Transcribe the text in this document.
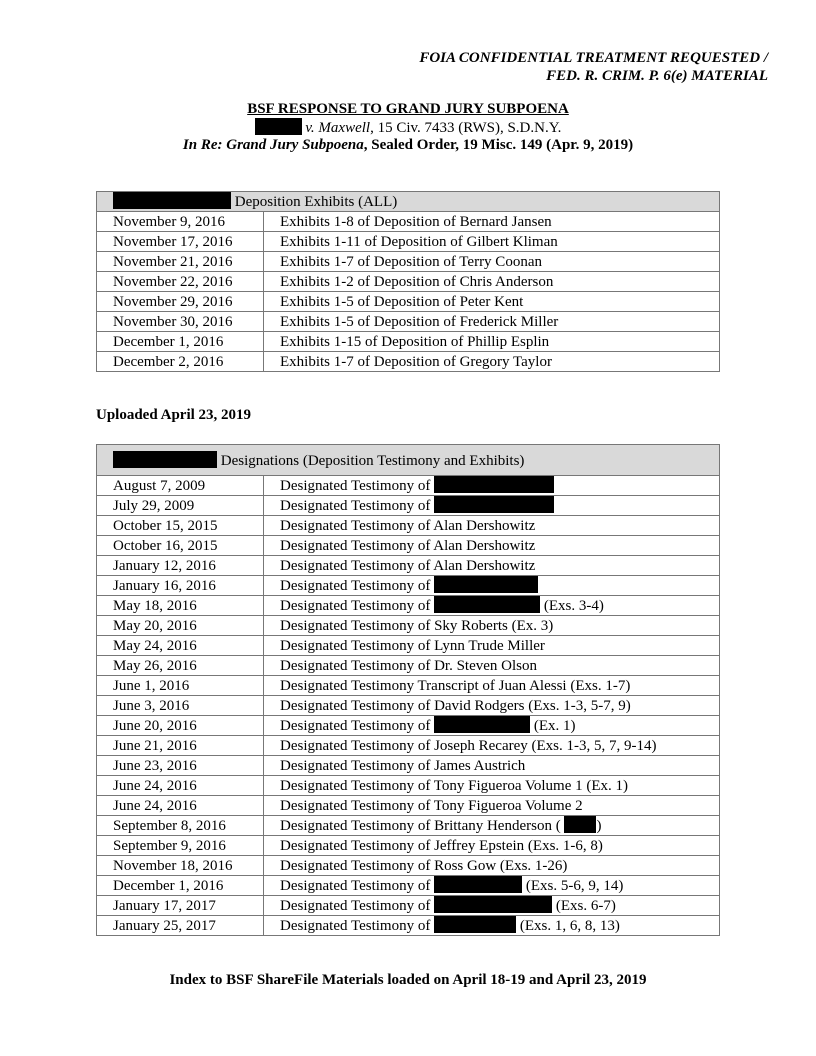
FOIA CONFIDENTIAL TREATMENT REQUESTED /
FED. R. CRIM. P. 6(e) MATERIAL
BSF RESPONSE TO GRAND JURY SUBPOENA
v. Maxwell, 15 Civ. 7433 (RWS), S.D.N.Y.
In Re: Grand Jury Subpoena, Sealed Order, 19 Misc. 149 (Apr. 9, 2019)
Deposition Exhibits (ALL)	
November 9, 2016	Exhibits 1-8 of Deposition of Bernard Jansen
November 17, 2016	Exhibits 1-11 of Deposition of Gilbert Kliman
November 21, 2016	Exhibits 1-7 of Deposition of Terry Coonan
November 22, 2016	Exhibits 1-2 of Deposition of Chris Anderson
November 29, 2016	Exhibits 1-5 of Deposition of Peter Kent
November 30, 2016	Exhibits 1-5 of Deposition of Frederick Miller
December 1, 2016	Exhibits 1-15 of Deposition of Phillip Esplin
December 2, 2016	Exhibits 1-7 of Deposition of Gregory Taylor
Uploaded April 23, 2019
Designations (Deposition Testimony and Exhibits)	
August 7, 2009	Designated Testimony of
July 29, 2009	Designated Testimony of
October 15, 2015	Designated Testimony of Alan Dershowitz
October 16, 2015	Designated Testimony of Alan Dershowitz
January 12, 2016	Designated Testimony of Alan Dershowitz
January 16, 2016	Designated Testimony of
May 18, 2016	Designated Testimony of (Exs. 3-4)
May 20, 2016	Designated Testimony of Sky Roberts (Ex. 3)
May 24, 2016	Designated Testimony of Lynn Trude Miller
May 26, 2016	Designated Testimony of Dr. Steven Olson
June 1, 2016	Designated Testimony Transcript of Juan Alessi (Exs. 1-7)
June 3, 2016	Designated Testimony of David Rodgers (Exs. 1-3, 5-7, 9)
June 20, 2016	Designated Testimony of (Ex. 1)
June 21, 2016	Designated Testimony of Joseph Recarey (Exs. 1-3, 5, 7, 9-14)
June 23, 2016	Designated Testimony of James Austrich
June 24, 2016	Designated Testimony of Tony Figueroa Volume 1 (Ex. 1)
June 24, 2016	Designated Testimony of Tony Figueroa Volume 2
September 8, 2016	Designated Testimony of Brittany Henderson ( )
September 9, 2016	Designated Testimony of Jeffrey Epstein (Exs. 1-6, 8)
November 18, 2016	Designated Testimony of Ross Gow (Exs. 1-26)
December 1, 2016	Designated Testimony of (Exs. 5-6, 9, 14)
January 17, 2017	Designated Testimony of (Exs. 6-7)
January 25, 2017	Designated Testimony of (Exs. 1, 6, 8, 13)
Index to BSF ShareFile Materials loaded on April 18-19 and April 23, 2019
